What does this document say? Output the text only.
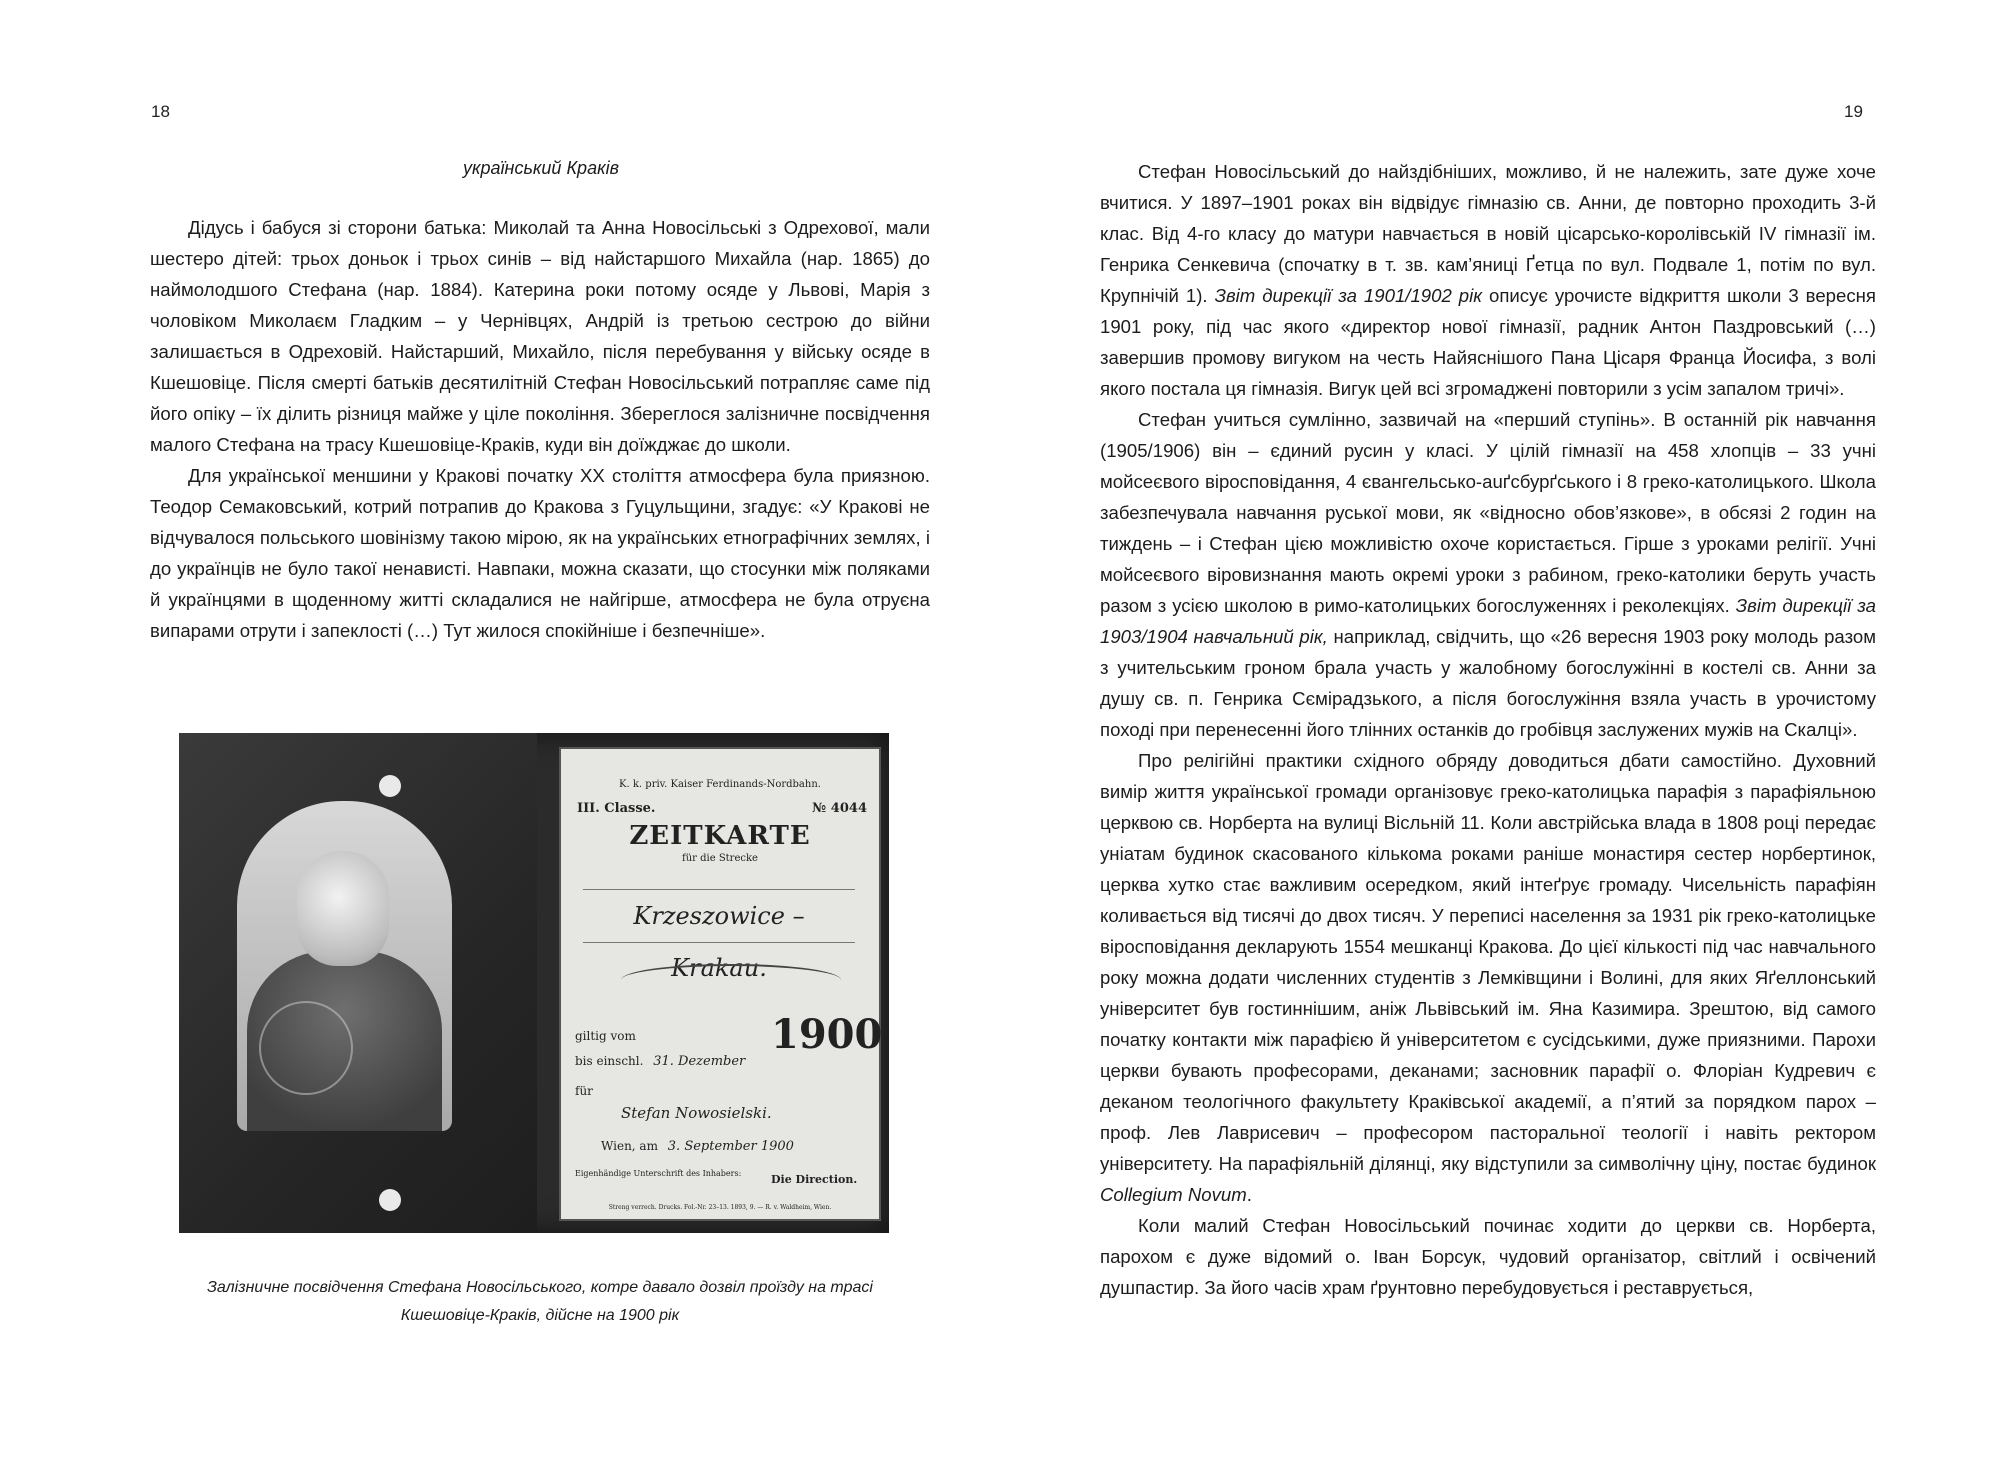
18
український Краків

Дідусь і бабуся зі сторони батька: Миколай та Анна Новосільські з Одрехової, мали шестеро дітей: трьох доньок і трьох синів – від найстаршого Михайла (нар. 1865) до наймолодшого Стефана (нар. 1884). Катерина роки потому осяде у Львові, Марія з чоловіком Миколаєм Гладким – у Чернівцях, Андрій із третьою сестрою до війни залишається в Одреховій. Найстарший, Михайло, після перебування у війську осяде в Кшешовіце. Після смерті батьків десятилітній Стефан Новосільський потрапляє саме під його опіку – їх ділить різниця майже у ціле покоління. Збереглося залізничне посвідчення малого Стефана на трасу Кшешовіце-Краків, куди він доїжджає до школи.

Для української меншини у Кракові початку XX століття атмосфера була приязною. Теодор Семаковський, котрий потрапив до Кракова з Гуцульщини, згадує: «У Кракові не відчувалося польського шовінізму такою мірою, як на українських етнографічних землях, і до українців не було такої ненависті. Навпаки, можна сказати, що стосунки між поляками й українцями в щоденному житті складалися не найгірше, атмосфера не була отруєна випарами отрути і запеклості (…) Тут жилося спокійніше і безпечніше».

K. k. priv. Kaiser Ferdinands-Nordbahn.
№ 4044
III. Classe.
ZEITKARTE
für die Strecke
Krzeszowice – Krakau.
giltig vom	1900
bis einschl. 31. Dezember
für
Stefan Nowosielski.
Wien, am 3. September 1900
Eigenhändige Unterschrift des Inhabers:	Die Direction.
Streng verrech. Drucks. Fol.-Nr. 23–13. 1893, 9. — R. v. Waldheim, Wien.
Залізничне посвідчення Стефана Новосільського, котре давало дозвіл проїзду на трасі
Кшешовіце-Краків, дійсне на 1900 рік
19

Стефан Новосільський до найздібніших, можливо, й не належить, зате дуже хоче вчитися. У 1897–1901 роках він відвідує гімназію св. Анни, де повторно проходить 3-й клас. Від 4-го класу до матури навчається в новій цісарсько-королівській IV гімназії ім. Генрика Сенкевича (спочатку в т. зв. кам’яниці Ґетца по вул. Подвале 1, потім по вул. Крупнічій 1). Звіт дирекції за 1901/1902 рік описує урочисте відкриття школи 3 вересня 1901 року, під час якого «директор нової гімназії, радник Антон Паздровський (…) завершив промову вигуком на честь Найяснішого Пана Цісаря Франца Йосифа, з волі якого постала ця гімназія. Вигук цей всі згромаджені повторили з усім запалом тричі».

Стефан учиться сумлінно, зазвичай на «перший ступінь». В останній рік навчання (1905/1906) він – єдиний русин у класі. У цілій гімназії на 458 хлопців – 33 учні мойсеєвого віросповідання, 4 євангельсько-auґсбурґського і 8 греко-католицького. Школа забезпечувала навчання руської мови, як «відносно обов’язкове», в обсязі 2 годин на тиждень – і Стефан цією можливістю охоче користається. Гірше з уроками релігії. Учні мойсеєвого віровизнання мають окремі уроки з рабином, греко-католики беруть участь разом з усією школою в римо-католицьких богослуженнях і реколекціях. Звіт дирекції за 1903/1904 навчальний рік, наприклад, свідчить, що «26 вересня 1903 року молодь разом з учительським гроном брала участь у жалобному богослужінні в костелі св. Анни за душу св. п. Генрика Сємірадзького, а після богослужіння взяла участь в урочистому поході при перенесенні його тлінних останків до гробівця заслужених мужів на Скалці».

Про релігійні практики східного обряду доводиться дбати самостійно. Духовний вимір життя української громади організовує греко-католицька парафія з парафіяльною церквою св. Норберта на вулиці Вісльній 11. Коли австрійська влада в 1808 році передає уніатам будинок скасованого кількома роками раніше монастиря сестер норбертинок, церква хутко стає важливим осередком, який інтеґрує громаду. Чисельність парафіян коливається від тисячі до двох тисяч. У переписі населення за 1931 рік греко-католицьке віросповідання декларують 1554 мешканці Кракова. До цієї кількості під час навчального року можна додати численних студентів з Лемківщини і Волині, для яких Яґеллонський університет був гостиннішим, аніж Львівський ім. Яна Казимира. Зрештою, від самого початку контакти між парафією й університетом є сусідськими, дуже приязними. Парохи церкви бувають професорами, деканами; засновник парафії о. Флоріан Кудревич є деканом теологічного факультету Краківської академії, а п’ятий за порядком парох – проф. Лев Лаврисевич – професором пасторальної теології і навіть ректором університету. На парафіяльній ділянці, яку відступили за символічну ціну, постає будинок Collegium Novum.

Коли малий Стефан Новосільський починає ходити до церкви св. Норберта, парохом є дуже відомий о. Іван Борсук, чудовий організатор, світлий і освічений душпастир. За його часів храм ґрунтовно перебудовується і реставрується,
